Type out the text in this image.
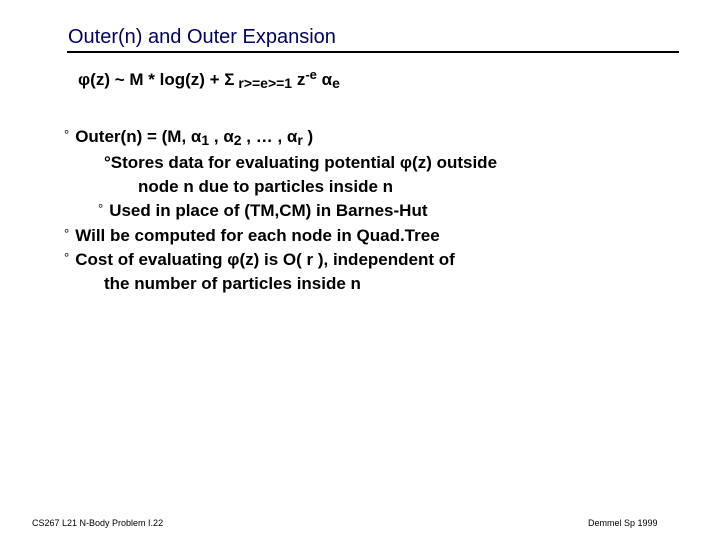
Outer(n) and Outer Expansion
φ(z) ~ M * log(z) + Σ r>=e>=1 $z^{-e}$ αe
° Outer(n) = (M, α1 , α2 , … , αr )
°Stores data for evaluating potential φ(z) outside
node n due to particles inside n
° Used in place of (TM,CM) in Barnes-Hut
° Will be computed for each node in Quad.Tree
° Cost of evaluating φ(z) is O( r ), independent of
the number of particles inside n
CS267 L21 N-Body Problem I.22	Demmel Sp 1999
